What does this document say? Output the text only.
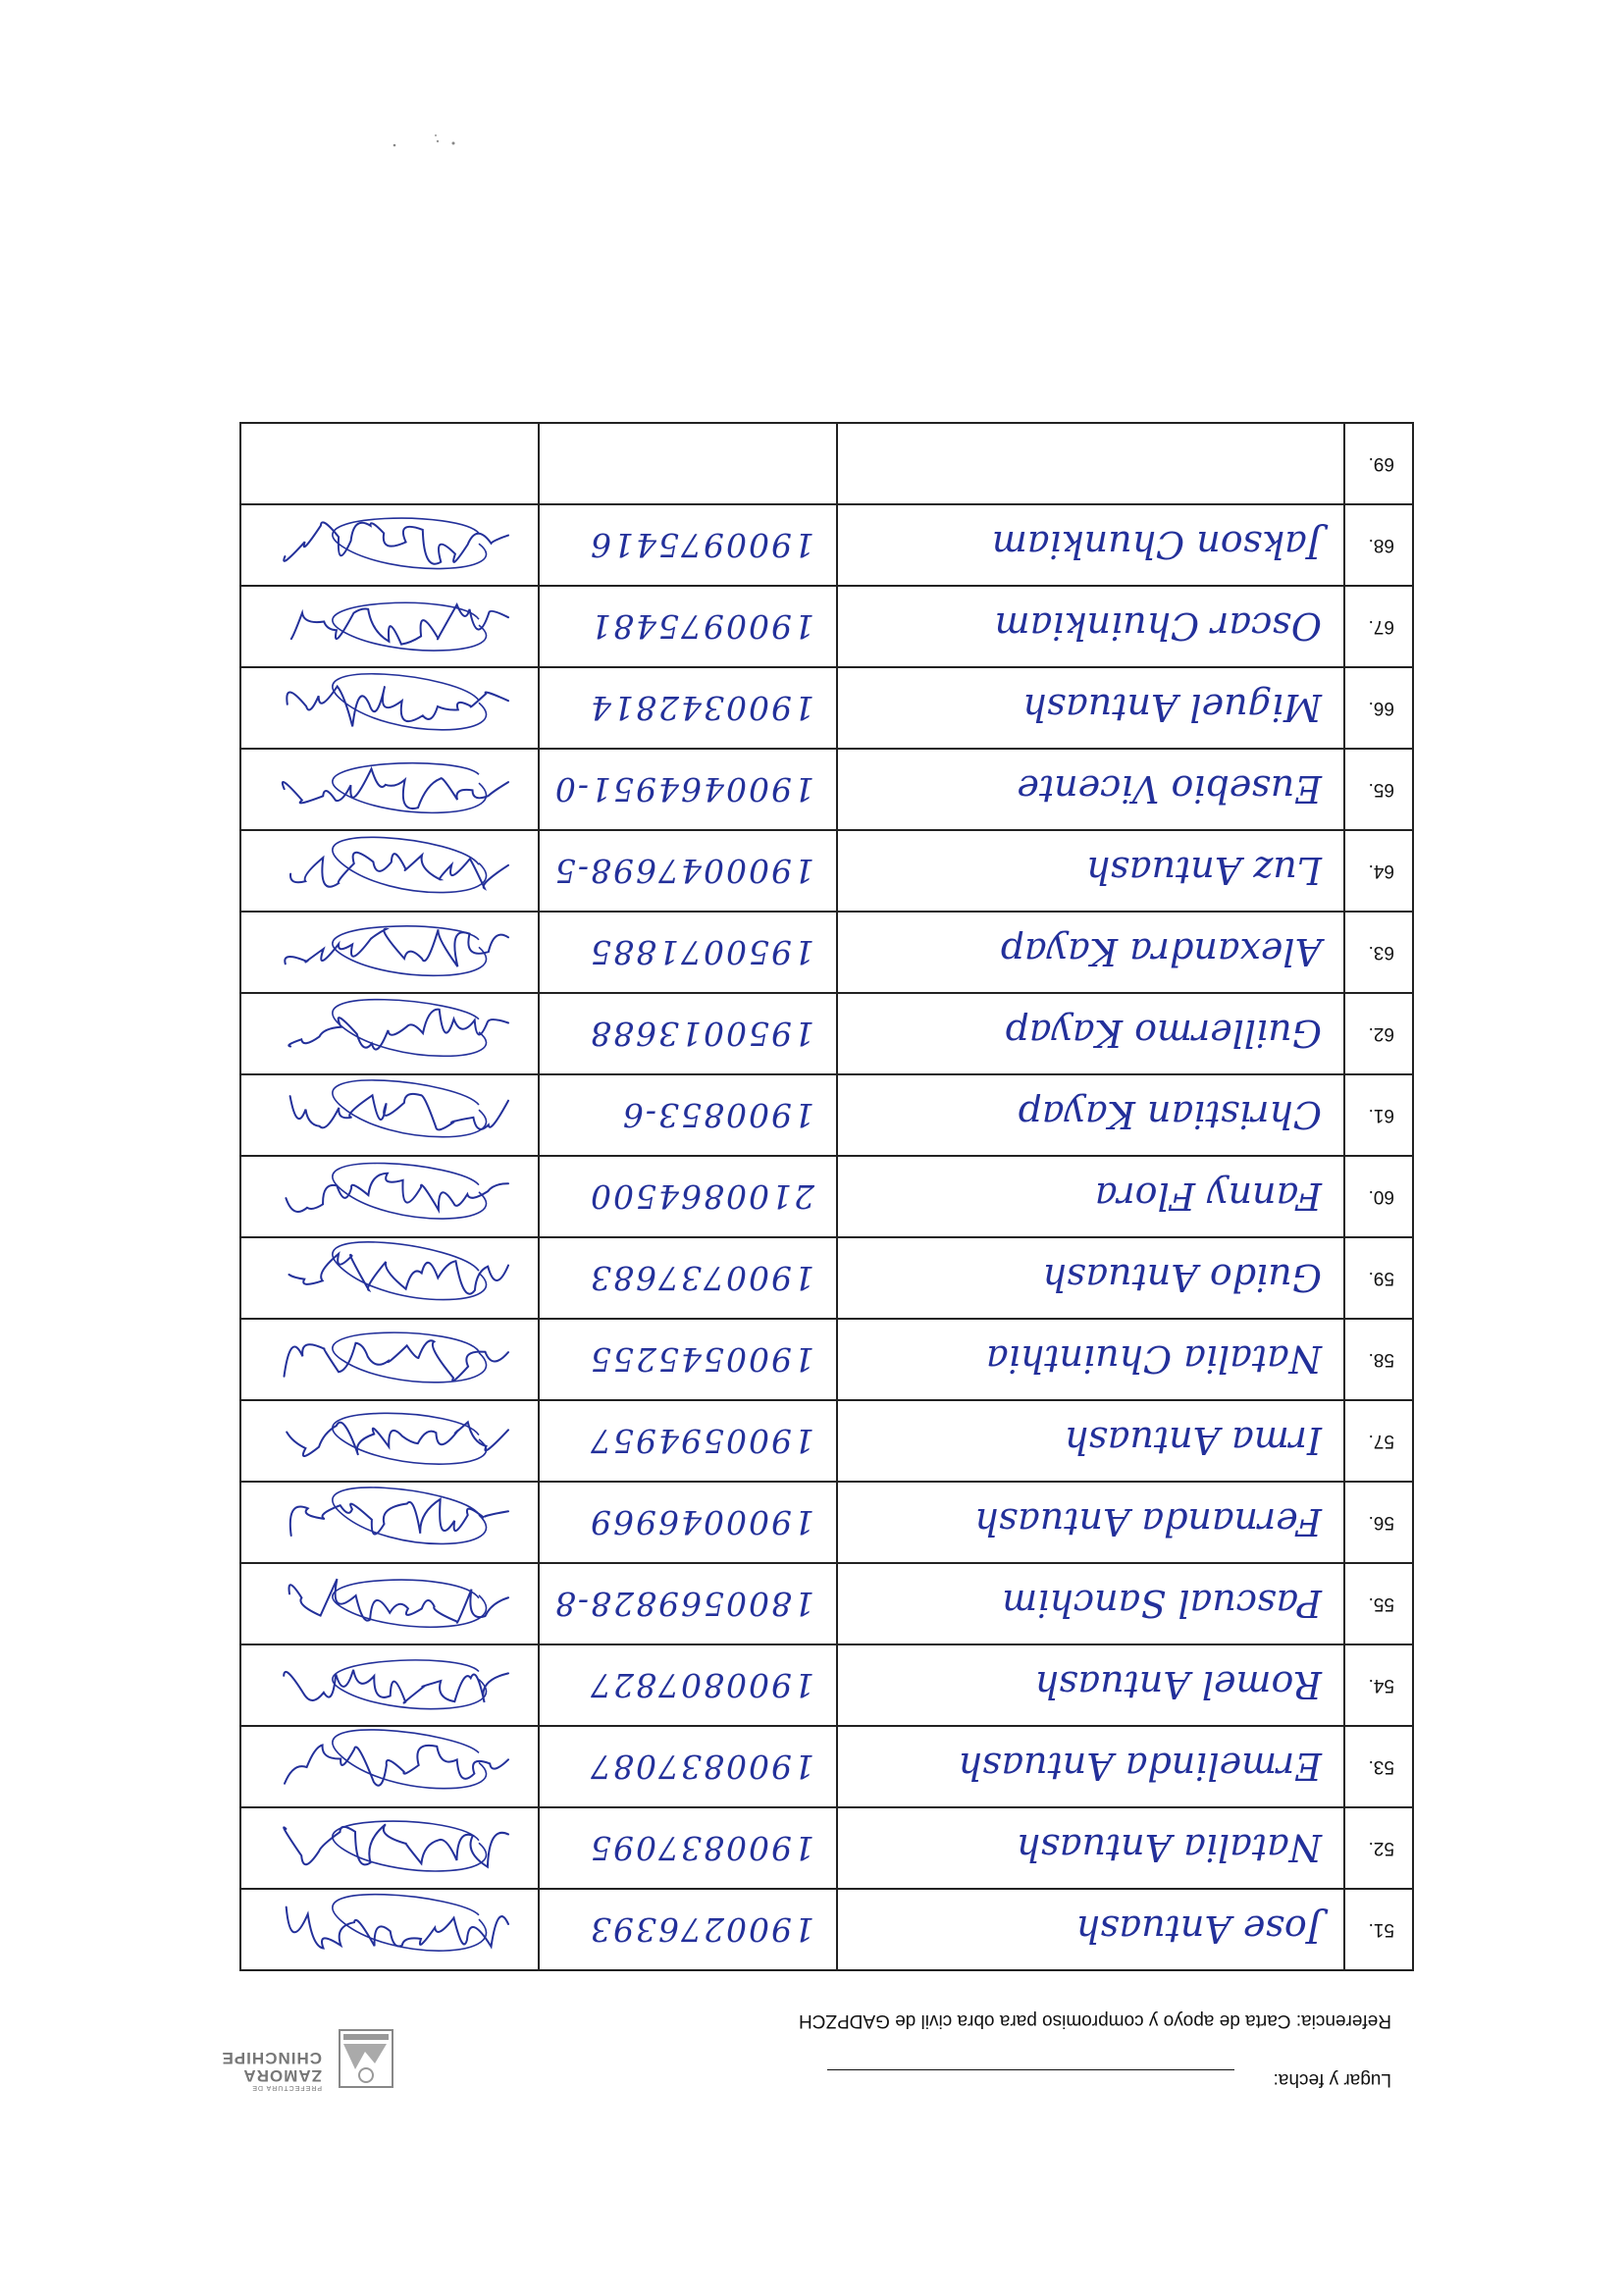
PREFECTURA DE
ZAMORA
CHINCHIPE
Lugar y fecha:
Referencia: Carta de apoyo y compromiso para obra civil de GADPZCH
51.	Jose Antuash	1900276393	

52.	Natalia Antuash	1900837095	

53.	Ermelinda Antuash	1900837087	

54.	Romel Antuash	1900807827	

55.	Pascual Sanchim	1800569828-8	

56.	Fernanda Antuash	1900046969	

57.	Irma Antuash	1900594957	

58.	Natalia Chuinthia	1900545255	

59.	Guido Antuash	1900737683	

60.	Fanny Flora	2100864500	

61.	Christian Kayap	1900853-6	

62.	Guillermo Kayap	1950013688	

63.	Alexandra Kayap	1950071885	

64.	Luz Antuash	1900047698-5	

65.	Eusebio Vicente	1900464951-0	

66.	Miguel Antuash	1900342814	

67.	Oscar Chuinkiam	1900975481	

68.	Jakson Chunkiam	1900975416	

69.			
